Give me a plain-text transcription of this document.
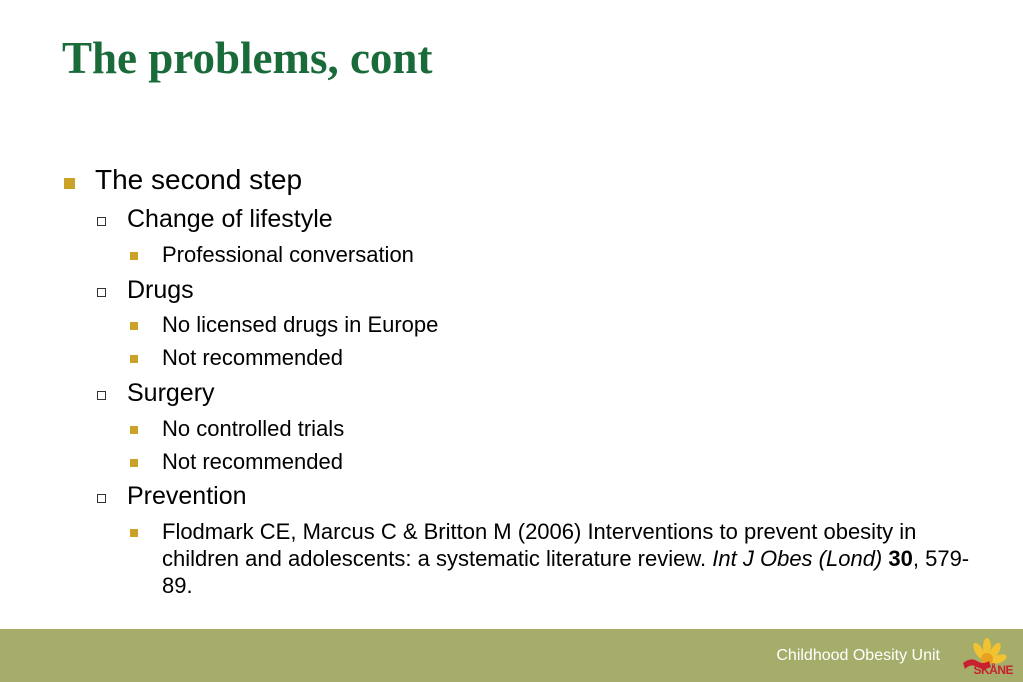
The problems, cont
The second step
Change of lifestyle
Professional conversation
Drugs
No licensed drugs in Europe
Not recommended
Surgery
No controlled trials
Not recommended
Prevention
Flodmark CE, Marcus C & Britton M (2006) Interventions to prevent obesity in children and adolescents: a systematic literature review. Int J Obes (Lond) 30, 579-89.
Childhood Obesity Unit
SKÅNE
